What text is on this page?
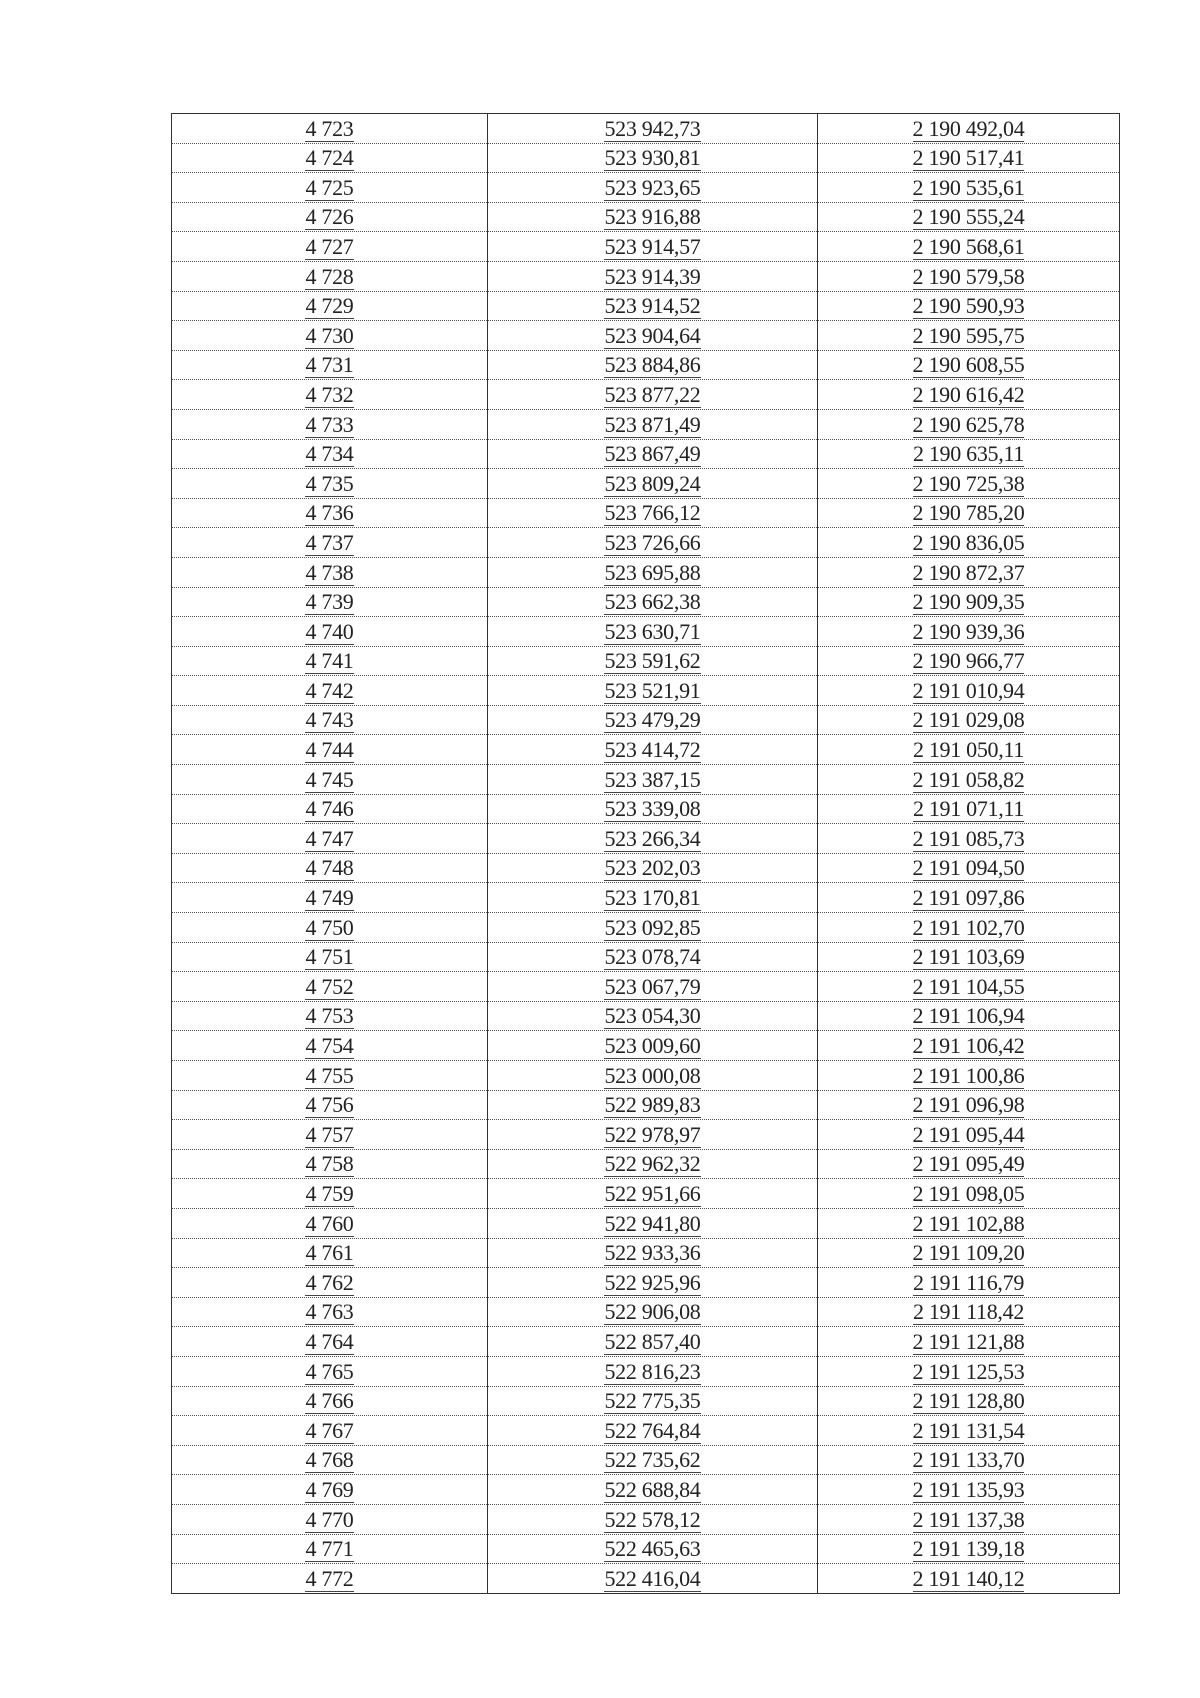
4 723	523 942,73	2 190 492,04
4 724	523 930,81	2 190 517,41
4 725	523 923,65	2 190 535,61
4 726	523 916,88	2 190 555,24
4 727	523 914,57	2 190 568,61
4 728	523 914,39	2 190 579,58
4 729	523 914,52	2 190 590,93
4 730	523 904,64	2 190 595,75
4 731	523 884,86	2 190 608,55
4 732	523 877,22	2 190 616,42
4 733	523 871,49	2 190 625,78
4 734	523 867,49	2 190 635,11
4 735	523 809,24	2 190 725,38
4 736	523 766,12	2 190 785,20
4 737	523 726,66	2 190 836,05
4 738	523 695,88	2 190 872,37
4 739	523 662,38	2 190 909,35
4 740	523 630,71	2 190 939,36
4 741	523 591,62	2 190 966,77
4 742	523 521,91	2 191 010,94
4 743	523 479,29	2 191 029,08
4 744	523 414,72	2 191 050,11
4 745	523 387,15	2 191 058,82
4 746	523 339,08	2 191 071,11
4 747	523 266,34	2 191 085,73
4 748	523 202,03	2 191 094,50
4 749	523 170,81	2 191 097,86
4 750	523 092,85	2 191 102,70
4 751	523 078,74	2 191 103,69
4 752	523 067,79	2 191 104,55
4 753	523 054,30	2 191 106,94
4 754	523 009,60	2 191 106,42
4 755	523 000,08	2 191 100,86
4 756	522 989,83	2 191 096,98
4 757	522 978,97	2 191 095,44
4 758	522 962,32	2 191 095,49
4 759	522 951,66	2 191 098,05
4 760	522 941,80	2 191 102,88
4 761	522 933,36	2 191 109,20
4 762	522 925,96	2 191 116,79
4 763	522 906,08	2 191 118,42
4 764	522 857,40	2 191 121,88
4 765	522 816,23	2 191 125,53
4 766	522 775,35	2 191 128,80
4 767	522 764,84	2 191 131,54
4 768	522 735,62	2 191 133,70
4 769	522 688,84	2 191 135,93
4 770	522 578,12	2 191 137,38
4 771	522 465,63	2 191 139,18
4 772	522 416,04	2 191 140,12
